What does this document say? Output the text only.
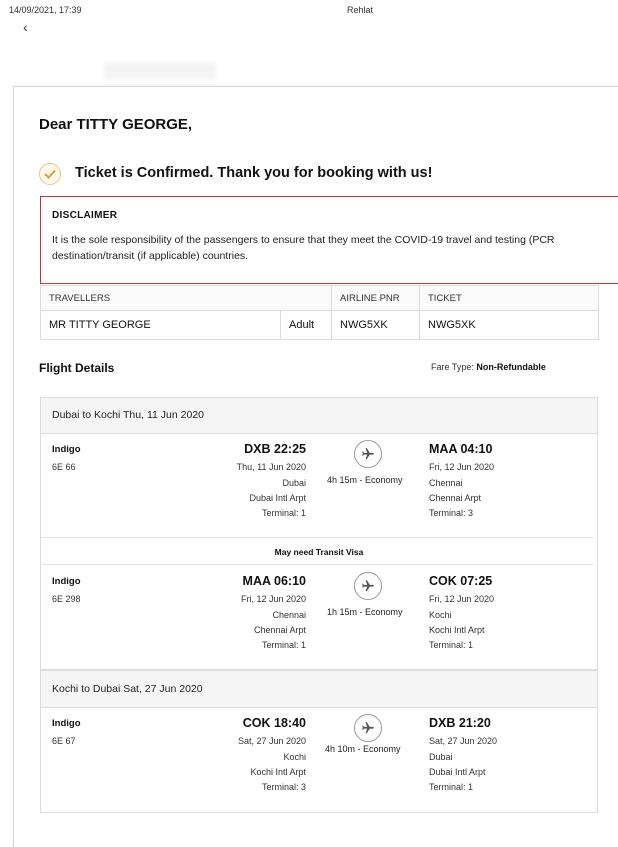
14/09/2021, 17:39	Rehlat
‹
Dear TITTY GEORGE,
Ticket is Confirmed. Thank you for booking with us!
DISCLAIMER
It is the sole responsibility of the passengers to ensure that they meet the COVID-19 travel and testing (PCR
destination/transit (if applicable) countries.
TRAVELLERS		AIRLINE PNR	TICKET
MR TITTY GEORGE	Adult	NWG5XK	NWG5XK
Flight Details	Fare Type: Non-Refundable
Dubai to Kochi Thu, 11 Jun 2020
Indigo
6E 66
DXB 22:25
Thu, 11 Jun 2020
Dubai
Dubai Intl Arpt
Terminal: 1
4h 15m - Economy
MAA 04:10
Fri, 12 Jun 2020
Chennai
Chennai Arpt
Terminal: 3
May need Transit Visa
Indigo
6E 298
MAA 06:10
Fri, 12 Jun 2020
Chennai
Chennai Arpt
Terminal: 1
1h 15m - Economy
COK 07:25
Fri, 12 Jun 2020
Kochi
Kochi Intl Arpt
Terminal: 1
Kochi to Dubai Sat, 27 Jun 2020
Indigo
6E 67
COK 18:40
Sat, 27 Jun 2020
Kochi
Kochi Intl Arpt
Terminal: 3
4h 10m - Economy
DXB 21:20
Sat, 27 Jun 2020
Dubai
Dubai Intl Arpt
Terminal: 1
